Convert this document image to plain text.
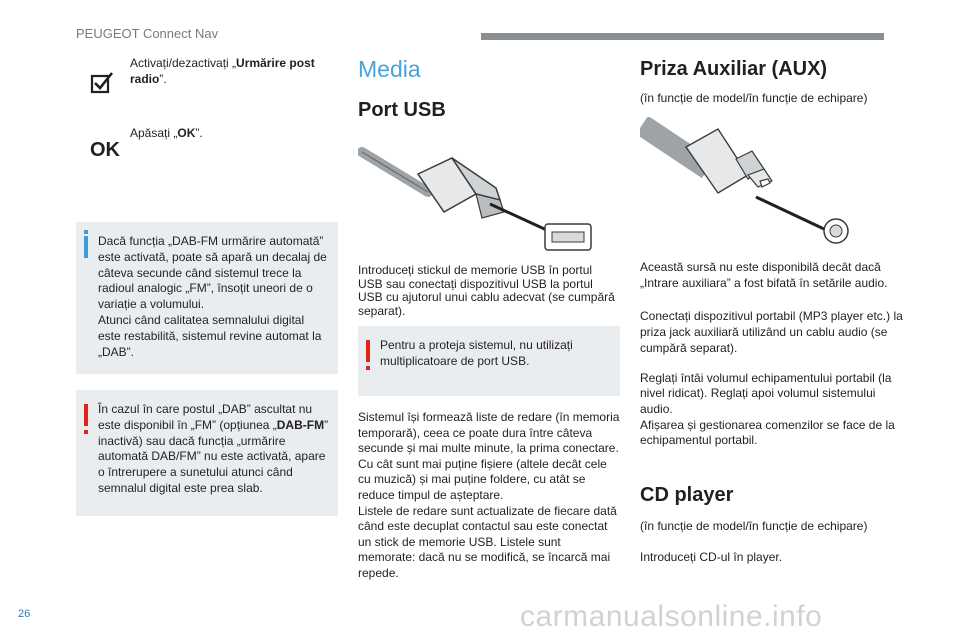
PEUGEOT Connect Nav

Activați/dezactivați „Urmărire post radio”.

OK

Apăsați „OK”.

Dacă funcția „DAB-FM urmărire automată” este activată, poate să apară un decalaj de câteva secunde când sistemul trece la radioul analogic „FM”, însoțit uneori de o variație a volumului.

Atunci când calitatea semnalului digital este restabilită, sistemul revine automat la „DAB”.

În cazul în care postul „DAB” ascultat nu este disponibil în „FM” (opțiunea „DAB-FM” inactivă) sau dacă funcția „urmărire automată DAB/FM” nu este activată, apare o întrerupere a sunetului atunci când semnalul digital este prea slab.

Media
Port USB

Introduceți stickul de memorie USB în portul USB sau conectați dispozitivul USB la portul USB cu ajutorul unui cablu adecvat (se cumpără separat).

Pentru a proteja sistemul, nu utilizați multiplicatoare de port USB.

Sistemul își formează liste de redare (în memoria temporară), ceea ce poate dura între câteva secunde și mai multe minute, la prima conectare.

Cu cât sunt mai puține fișiere (altele decât cele cu muzică) și mai puține foldere, cu atât se reduce timpul de așteptare.

Listele de redare sunt actualizate de fiecare dată când este decuplat contactul sau este conectat un stick de memorie USB. Listele sunt memorate: dacă nu se modifică, se încarcă mai repede.

Priza Auxiliar (AUX)

(în funcție de model/în funcție de echipare)

Această sursă nu este disponibilă decât dacă „Intrare auxiliara” a fost bifată în setările audio.

Conectați dispozitivul portabil (MP3 player etc.) la priza jack auxiliară utilizând un cablu audio (se cumpără separat).

Reglați întâi volumul echipamentului portabil (la nivel ridicat). Reglați apoi volumul sistemului audio.

Afișarea și gestionarea comenzilor se face de la echipamentul portabil.

CD player

(în funcție de model/în funcție de echipare)

Introduceți CD-ul în player.

26	carmanualsonline.info
